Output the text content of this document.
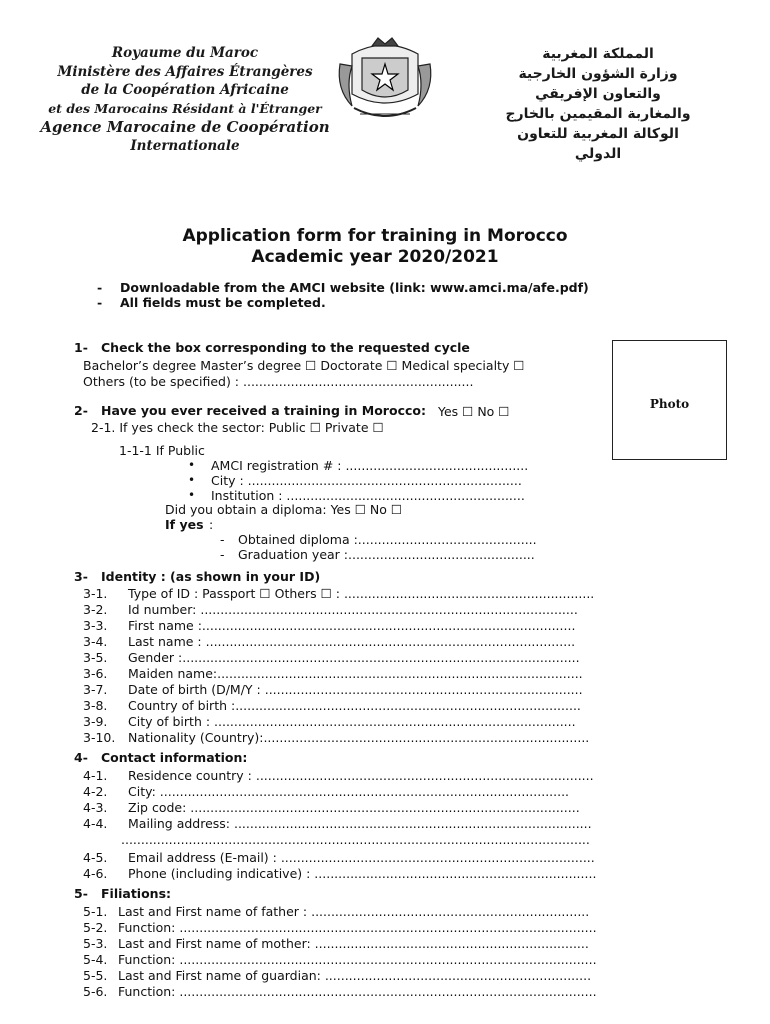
Royaume du Maroc
Ministère des Affaires Étrangères
de la Coopération Africaine
et des Marocains Résidant à l'Étranger
Agence Marocaine de Coopération
Internationale
المملكة المغربية
وزارة الشؤون الخارجية
والتعاون الإفريقي
والمغاربة المقيمين بالخارج
الوكالة المغربية للتعاون
الدولي
Application form for training in Morocco
Academic year 2020/2021
- Downloadable from the AMCI website (link: www.amci.ma/afe.pdf)
- All fields must be completed.
Photo
1- Check the box corresponding to the requested cycle
Bachelor’s degree Master’s degree ☐ Doctorate ☐ Medical specialty ☐
Others (to be specified) : ..........................................................
2- Have you ever received a training in Morocco: Yes ☐ No ☐
2-1. If yes check the sector: Public ☐ Private ☐
1-1-1 If Public
• AMCI registration # : ..............................................
• City : .....................................................................
• Institution : ............................................................
Did you obtain a diploma: Yes ☐ No ☐
If yes :
- Obtained diploma :.............................................
- Graduation year :...............................................
3- Identity : (as shown in your ID)
3-1. Type of ID : Passport ☐ Others ☐ : ...............................................................
3-2. Id number: ...............................................................................................
3-3. First name :..............................................................................................
3-4. Last name : .............................................................................................
3-5. Gender :....................................................................................................
3-6. Maiden name:............................................................................................
3-7. Date of birth (D/M/Y : ................................................................................
3-8. Country of birth :.......................................................................................
3-9. City of birth : ...........................................................................................
3-10. Nationality (Country):..................................................................................
4- Contact information:
4-1. Residence country : .....................................................................................
4-2. City: .......................................................................................................
4-3. Zip code: ..................................................................................................
4-4. Mailing address: ..........................................................................................
......................................................................................................................
4-5. Email address (E-mail) : ...............................................................................
4-6. Phone (including indicative) : .......................................................................
5- Filiations:
5-1. Last and First name of father : ......................................................................
5-2. Function: .........................................................................................................
5-3. Last and First name of mother: .....................................................................
5-4. Function: .........................................................................................................
5-5. Last and First name of guardian: ...................................................................
5-6. Function: .........................................................................................................
